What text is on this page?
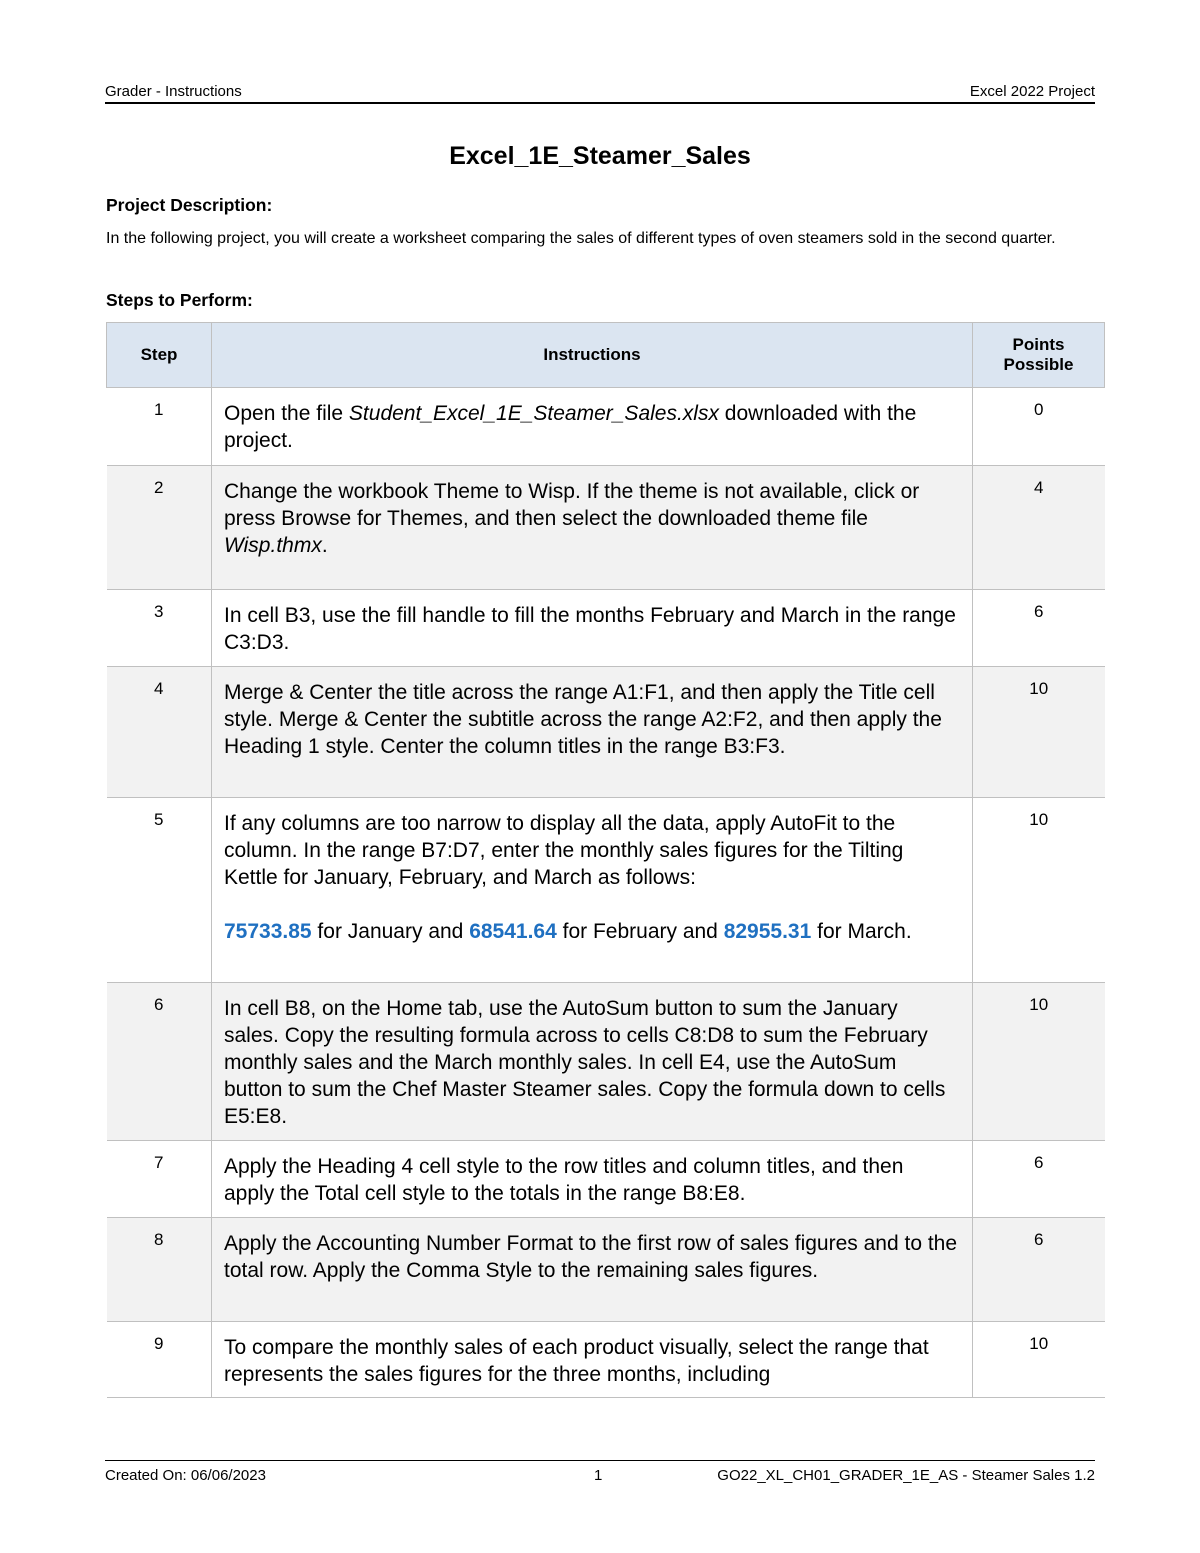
Grader - Instructions	Excel 2022 Project
Excel_1E_Steamer_Sales
Project Description:
In the following project, you will create a worksheet comparing the sales of different types of oven steamers sold in the second quarter.
Steps to Perform:
Step	Instructions	Points Possible
1	Open the file Student_Excel_1E_Steamer_Sales.xlsx downloaded with the project.	0
2	Change the workbook Theme to Wisp. If the theme is not available, click or press Browse for Themes, and then select the downloaded theme file Wisp.thmx.	4
3	In cell B3, use the fill handle to fill the months February and March in the range C3:D3.	6
4	Merge & Center the title across the range A1:F1, and then apply the Title cell style. Merge & Center the subtitle across the range A2:F2, and then apply the Heading 1 style. Center the column titles in the range B3:F3.	10
5	If any columns are too narrow to display all the data, apply AutoFit to the column. In the range B7:D7, enter the monthly sales figures for the Tilting Kettle for January, February, and March as follows:
75733.85 for January and 68541.64 for February and 82955.31 for March.	10
6	In cell B8, on the Home tab, use the AutoSum button to sum the January sales. Copy the resulting formula across to cells C8:D8 to sum the February monthly sales and the March monthly sales. In cell E4, use the AutoSum button to sum the Chef Master Steamer sales. Copy the formula down to cells E5:E8.	10
7	Apply the Heading 4 cell style to the row titles and column titles, and then apply the Total cell style to the totals in the range B8:E8.	6
8	Apply the Accounting Number Format to the first row of sales figures and to the total row. Apply the Comma Style to the remaining sales figures.	6
9	To compare the monthly sales of each product visually, select the range that represents the sales figures for the three months, including	10
Created On: 06/06/2023	1	GO22_XL_CH01_GRADER_1E_AS - Steamer Sales 1.2
